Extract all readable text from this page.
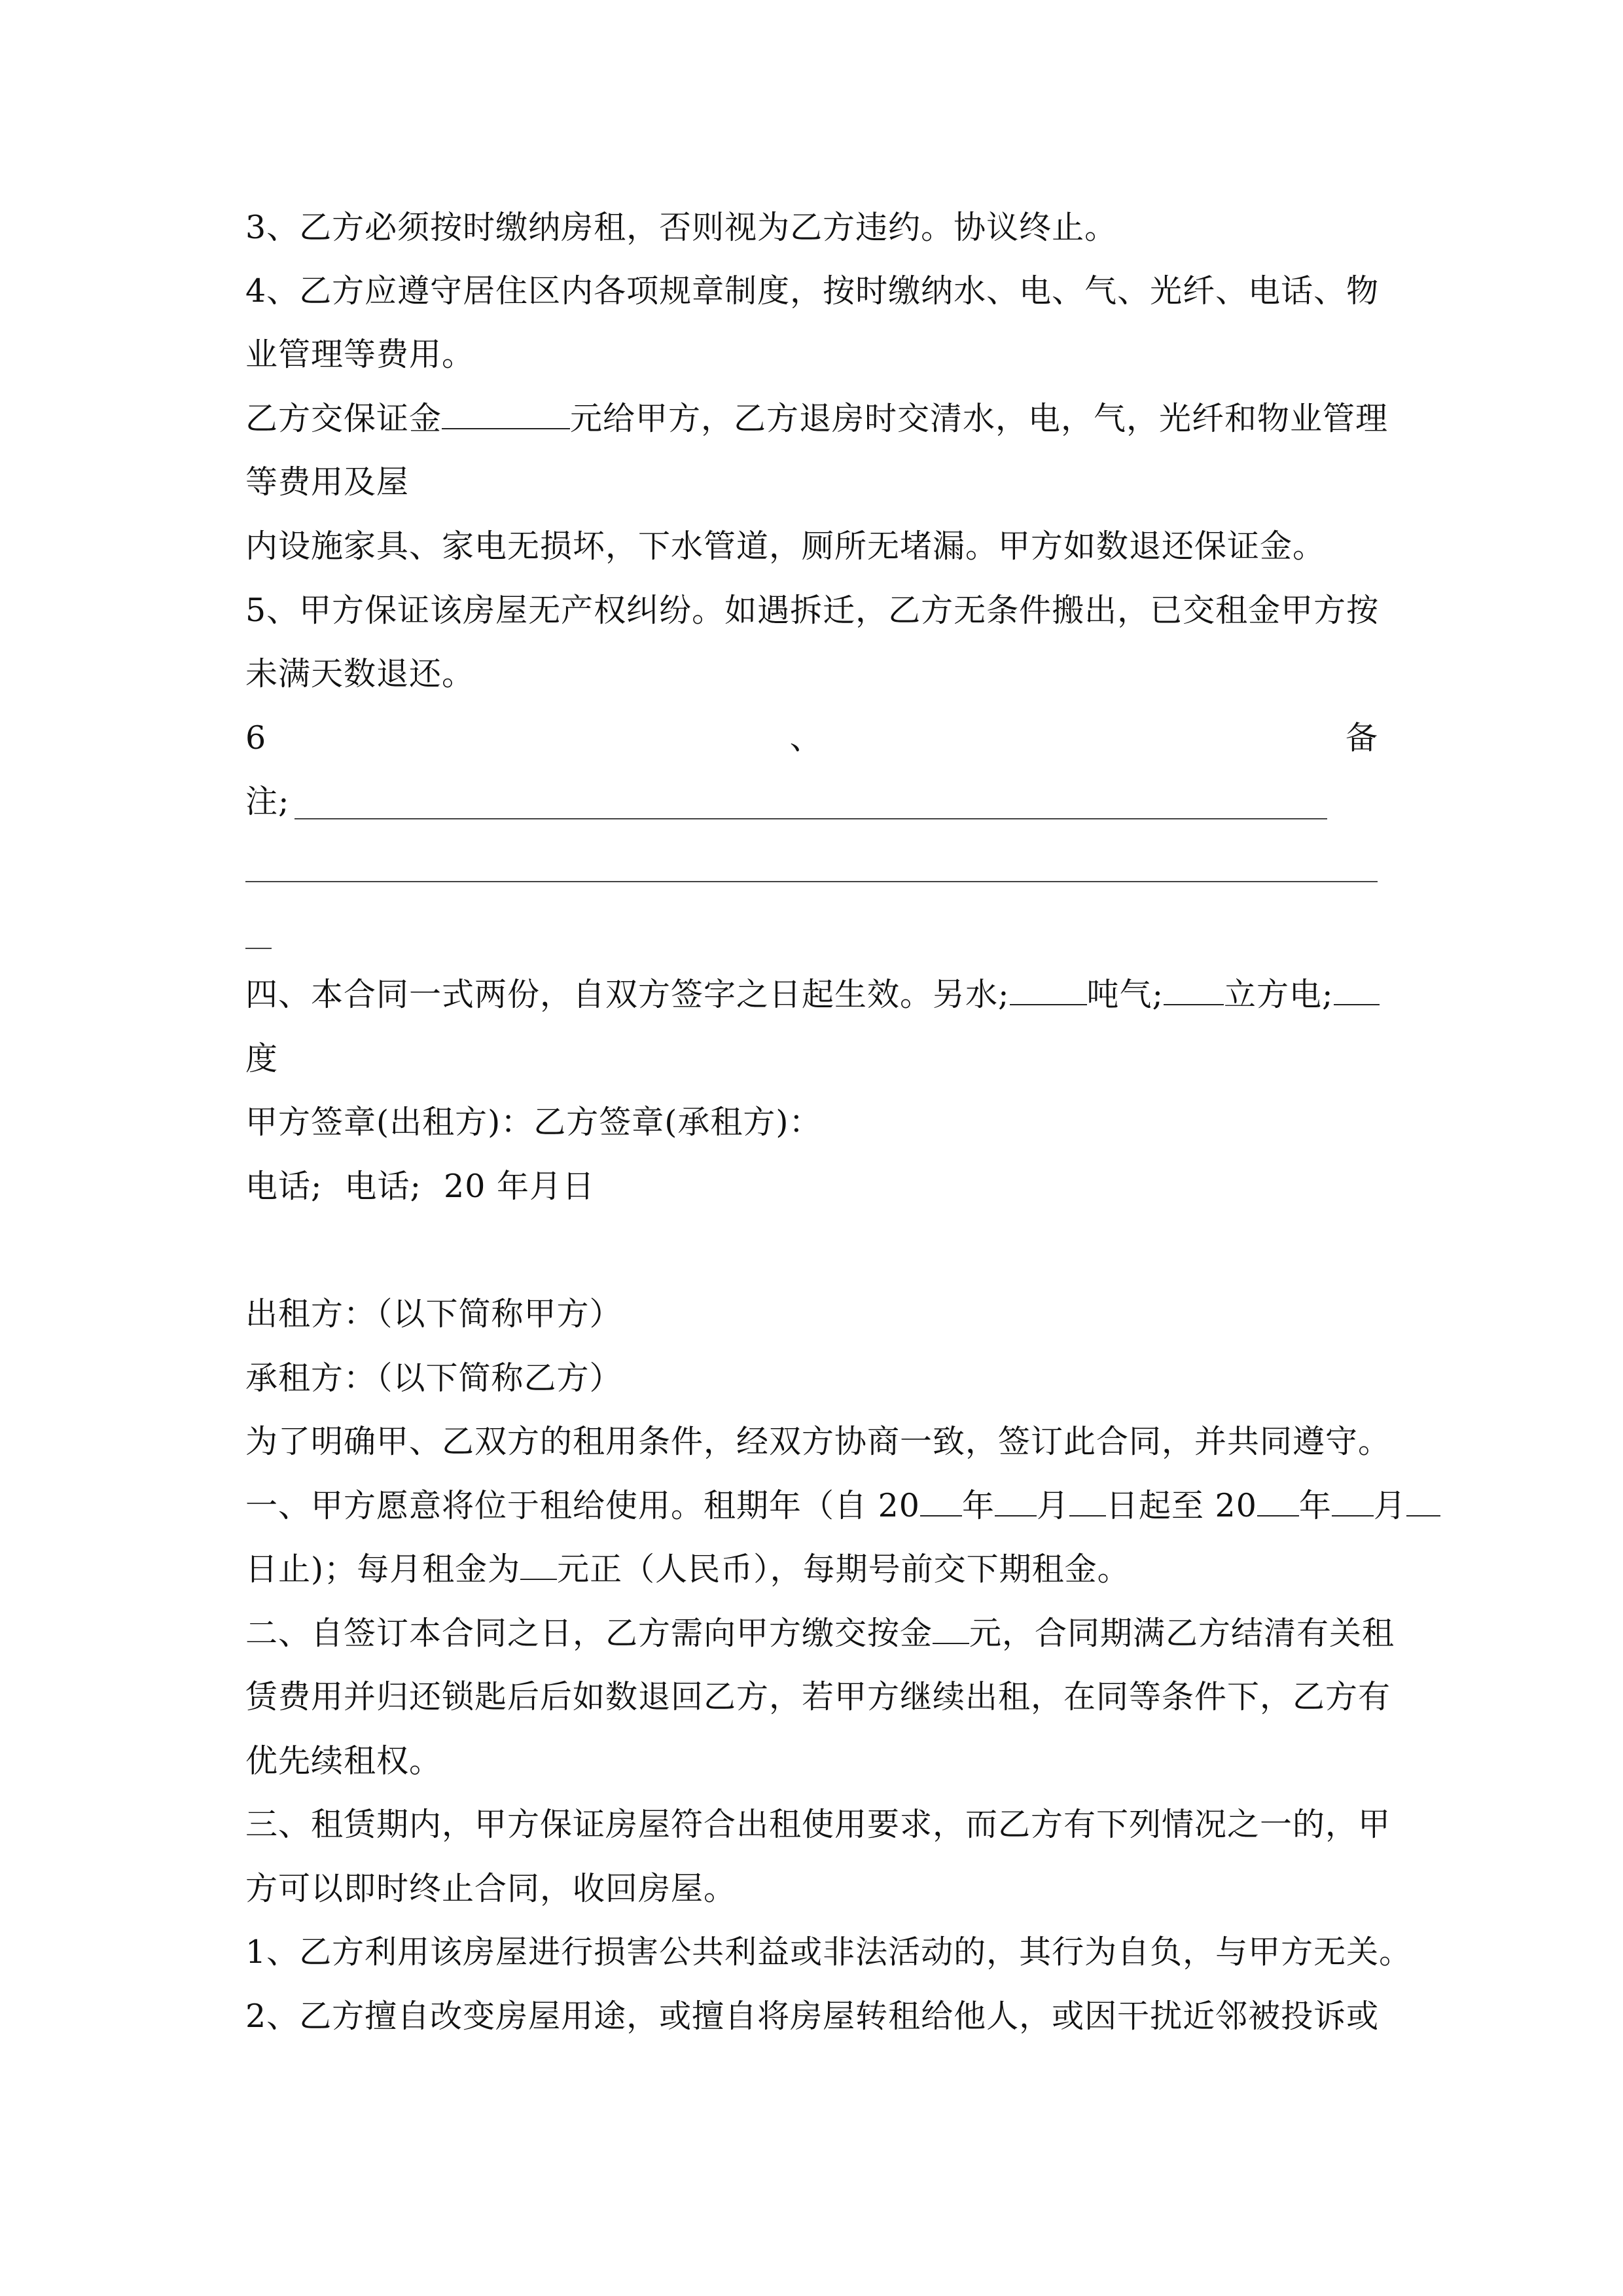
3、乙方必须按时缴纳房租，否则视为乙方违约。协议终止。
4、乙方应遵守居住区内各项规章制度，按时缴纳水、电、气、光纤、电话、物
业管理等费用。
乙方交保证金	元给甲方，乙方退房时交清水，电，气，光纤和物业管理
等费用及屋
内设施家具、家电无损坏，下水管道，厕所无堵漏。甲方如数退还保证金。
5、甲方保证该房屋无产权纠纷。如遇拆迁，乙方无条件搬出，已交租金甲方按
未满天数退还。
6	、	备
注;
四、本合同一式两份，自双方签字之日起生效。另水; 吨气; 立方电;
度
甲方签章(出租方)：乙方签章(承租方)：
电话; 电话; 20 年月日
出租方：（以下简称甲方）
承租方：（以下简称乙方）
为了明确甲、乙双方的租用条件，经双方协商一致，签订此合同，并共同遵守。
一、甲方愿意将位于租给使用。租期年（自 20 年 月 日起至 20 年 月
日止)；每月租金为 元正（人民币），每期号前交下期租金。
二、自签订本合同之日，乙方需向甲方缴交按金 元，合同期满乙方结清有关租
赁费用并归还锁匙后后如数退回乙方，若甲方继续出租，在同等条件下，乙方有
优先续租权。
三、租赁期内，甲方保证房屋符合出租使用要求，而乙方有下列情况之一的，甲
方可以即时终止合同，收回房屋。
1、乙方利用该房屋进行损害公共利益或非法活动的，其行为自负，与甲方无关。
2、乙方擅自改变房屋用途，或擅自将房屋转租给他人，或因干扰近邻被投诉或
